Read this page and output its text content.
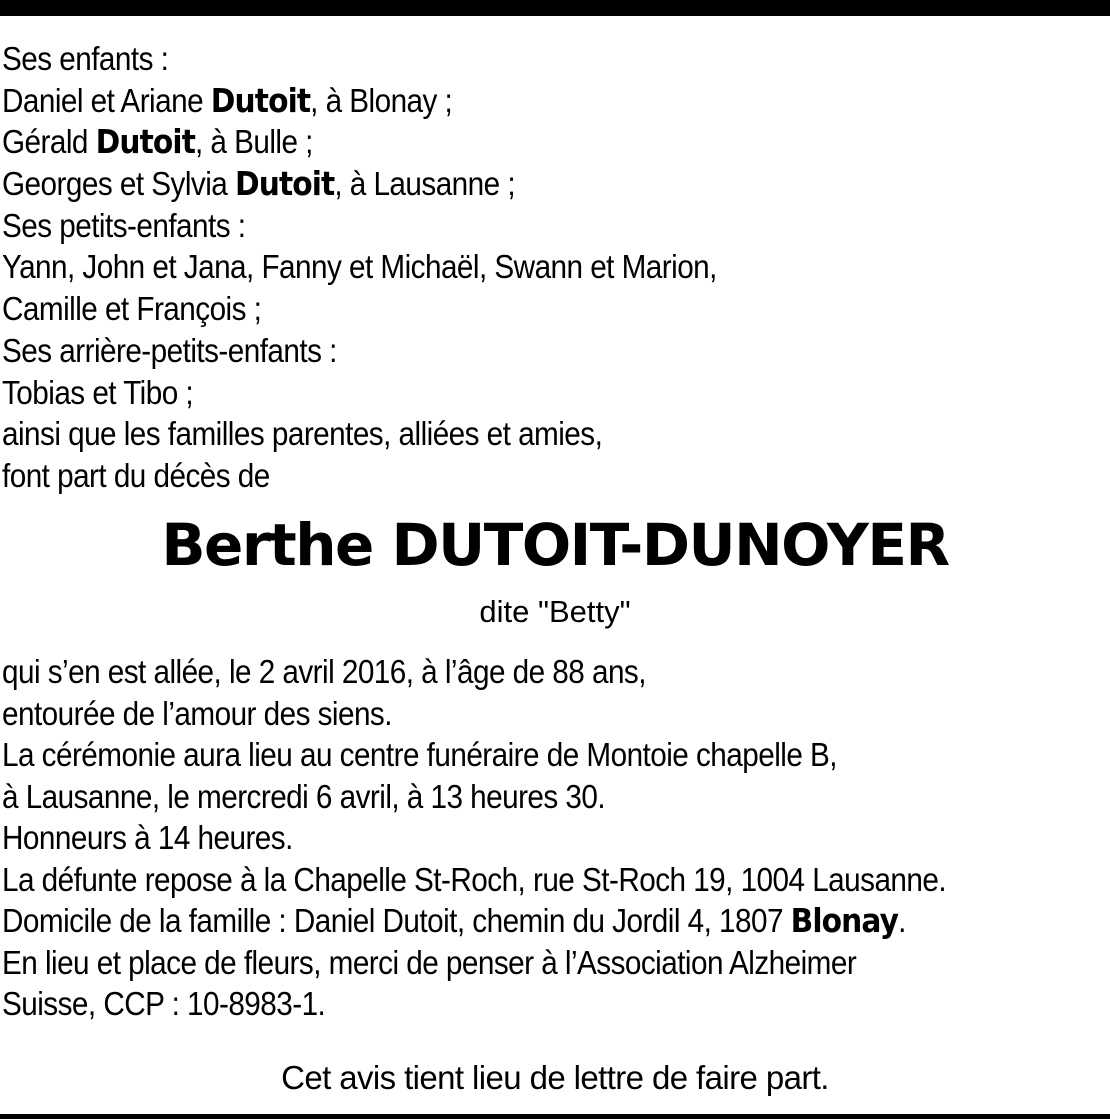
Ses enfants :
Daniel et Ariane Dutoit, à Blonay ;
Gérald Dutoit, à Bulle ;
Georges et Sylvia Dutoit, à Lausanne ;
Ses petits-enfants :
Yann, John et Jana, Fanny et Michaël, Swann et Marion,
Camille et François ;
Ses arrière-petits-enfants :
Tobias et Tibo ;
ainsi que les familles parentes, alliées et amies,
font part du décès de
Berthe DUTOIT-DUNOYER
dite "Betty"
qui s’en est allée, le 2 avril 2016, à l’âge de 88 ans,
entourée de l’amour des siens.
La cérémonie aura lieu au centre funéraire de Montoie chapelle B,
à Lausanne, le mercredi 6 avril, à 13 heures 30.
Honneurs à 14 heures.
La défunte repose à la Chapelle St-Roch, rue St-Roch 19, 1004 Lausanne.
Domicile de la famille : Daniel Dutoit, chemin du Jordil 4, 1807 Blonay.
En lieu et place de fleurs, merci de penser à l’Association Alzheimer
Suisse, CCP : 10-8983-1.
Cet avis tient lieu de lettre de faire part.
